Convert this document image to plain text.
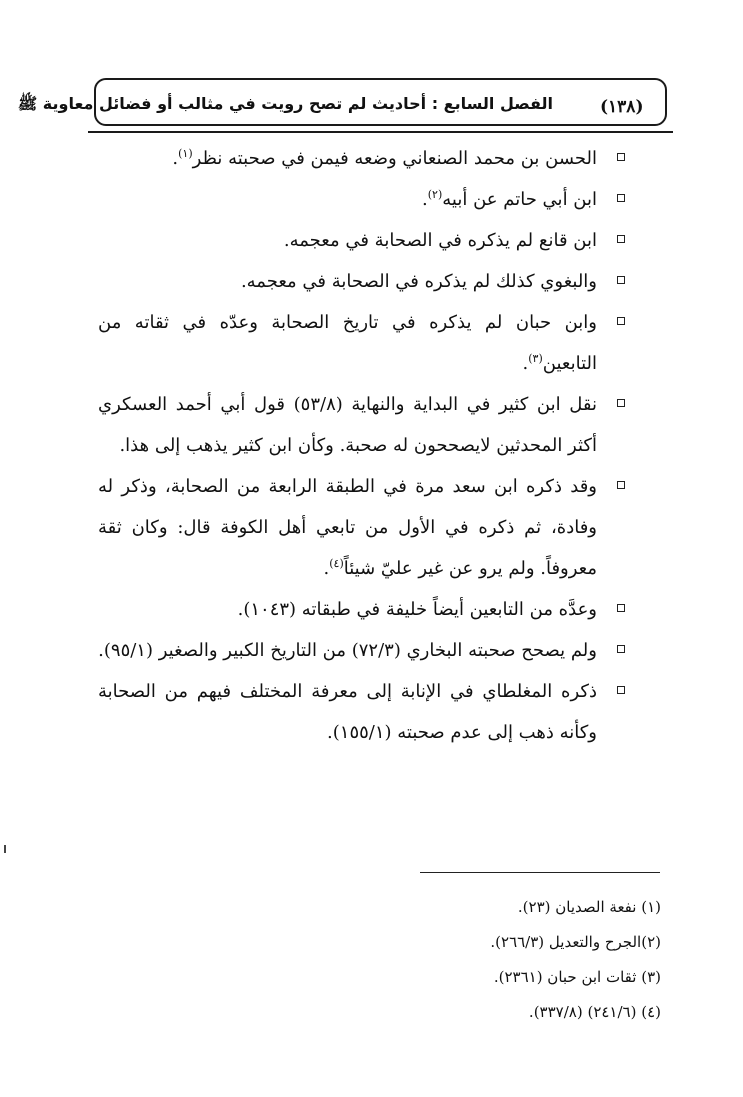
الفصل السابع : أحاديث لم تصح رويت في مثالب أو فضائل معاوية ﷺ	(١٣٨)
الحسن بن محمد الصنعاني وضعه فيمن في صحبته نظر$^{(١)}$.
ابن أبي حاتم عن أبيه$^{(٢)}$.
ابن قانع لم يذكره في الصحابة في معجمه.
والبغوي كذلك لم يذكره في الصحابة في معجمه.
وابن حبان لم يذكره في تاريخ الصحابة وعدّه في ثقاته من التابعين$^{(٣)}$.
نقل ابن كثير في البداية والنهاية (٥٣/٨) قول أبي أحمد العسكري أكثر المحدثين لايصححون له صحبة. وكأن ابن كثير يذهب إلى هذا.
وقد ذكره ابن سعد مرة في الطبقة الرابعة من الصحابة، وذكر له وفادة، ثم ذكره في الأول من تابعي أهل الكوفة قال: وكان ثقة معروفاً. ولم يرو عن غير عليّ شيئاً$^{(٤)}$.
وعدَّه من التابعين أيضاً خليفة في طبقاته (١٠٤٣).
ولم يصحح صحبته البخاري (٧٢/٣) من التاريخ الكبير والصغير (٩٥/١).
ذكره المغلطاي في الإنابة إلى معرفة المختلف فيهم من الصحابة وكأنه ذهب إلى عدم صحبته (١٥٥/١).
(١) نفعة الصديان (٢٣).
(٢)الجرح والتعديل (٢٦٦/٣).
(٣) ثقات ابن حبان (٢٣٦١).
(٤) (٢٤١/٦) (٣٣٧/٨).
